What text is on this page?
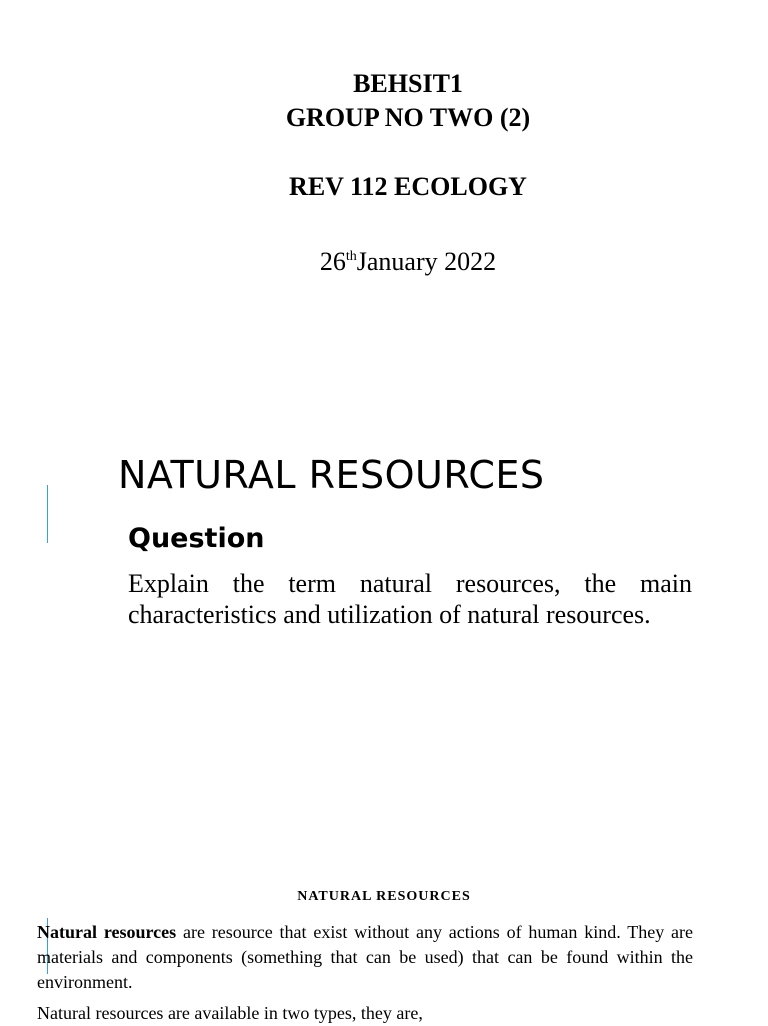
BEHSIT1
GROUP NO TWO (2)
REV 112 ECOLOGY
26thJanuary 2022
NATURAL RESOURCES
Question
Explain the term natural resources, the main characteristics and utilization of natural resources.
NATURAL RESOURCES
Natural resources are resource that exist without any actions of human kind. They are materials and components (something that can be used) that can be found within the environment.
Natural resources are available in two types, they are,
